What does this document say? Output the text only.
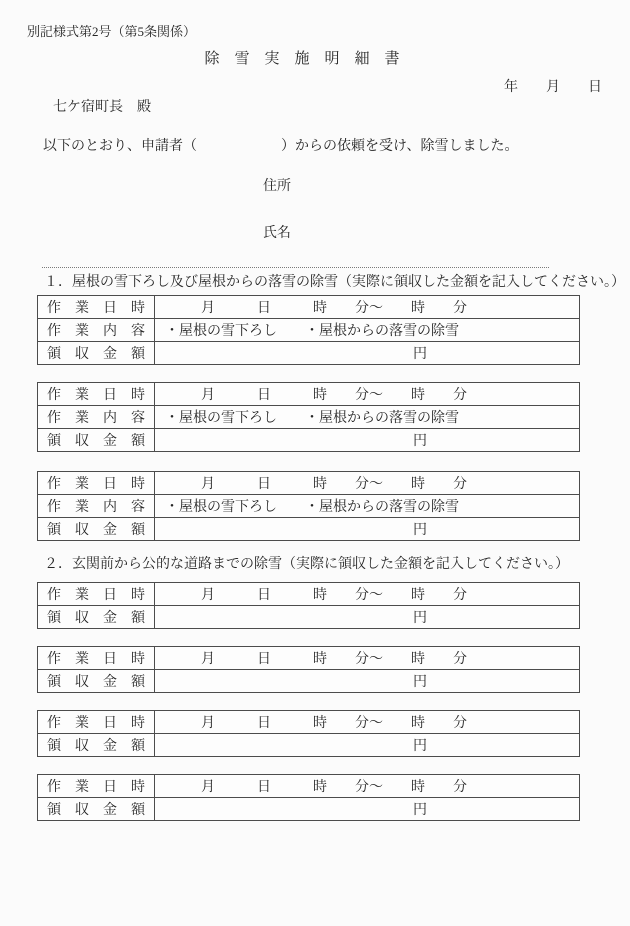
別記様式第2号（第5条関係）
除　雪　実　施　明　細　書
年　　月　　日
七ケ宿町長　殿
以下のとおり、申請者（　　　　　　）からの依頼を受け、除雪しました。
住所
氏名
１．屋根の雪下ろし及び屋根からの落雪の除雪（実際に領収した金額を記入してください。）
作　業　日　時	月　　　日　　　時　　分～　　時　　分
作　業　内　容	・屋根の雪下ろし　　・屋根からの落雪の除雪
領　収　金　額	円
作　業　日　時	月　　　日　　　時　　分～　　時　　分
作　業　内　容	・屋根の雪下ろし　　・屋根からの落雪の除雪
領　収　金　額	円
作　業　日　時	月　　　日　　　時　　分～　　時　　分
作　業　内　容	・屋根の雪下ろし　　・屋根からの落雪の除雪
領　収　金　額	円
２．玄関前から公的な道路までの除雪（実際に領収した金額を記入してください。）
作　業　日　時	月　　　日　　　時　　分～　　時　　分
領　収　金　額	円
作　業　日　時	月　　　日　　　時　　分～　　時　　分
領　収　金　額	円
作　業　日　時	月　　　日　　　時　　分～　　時　　分
領　収　金　額	円
作　業　日　時	月　　　日　　　時　　分～　　時　　分
領　収　金　額	円
